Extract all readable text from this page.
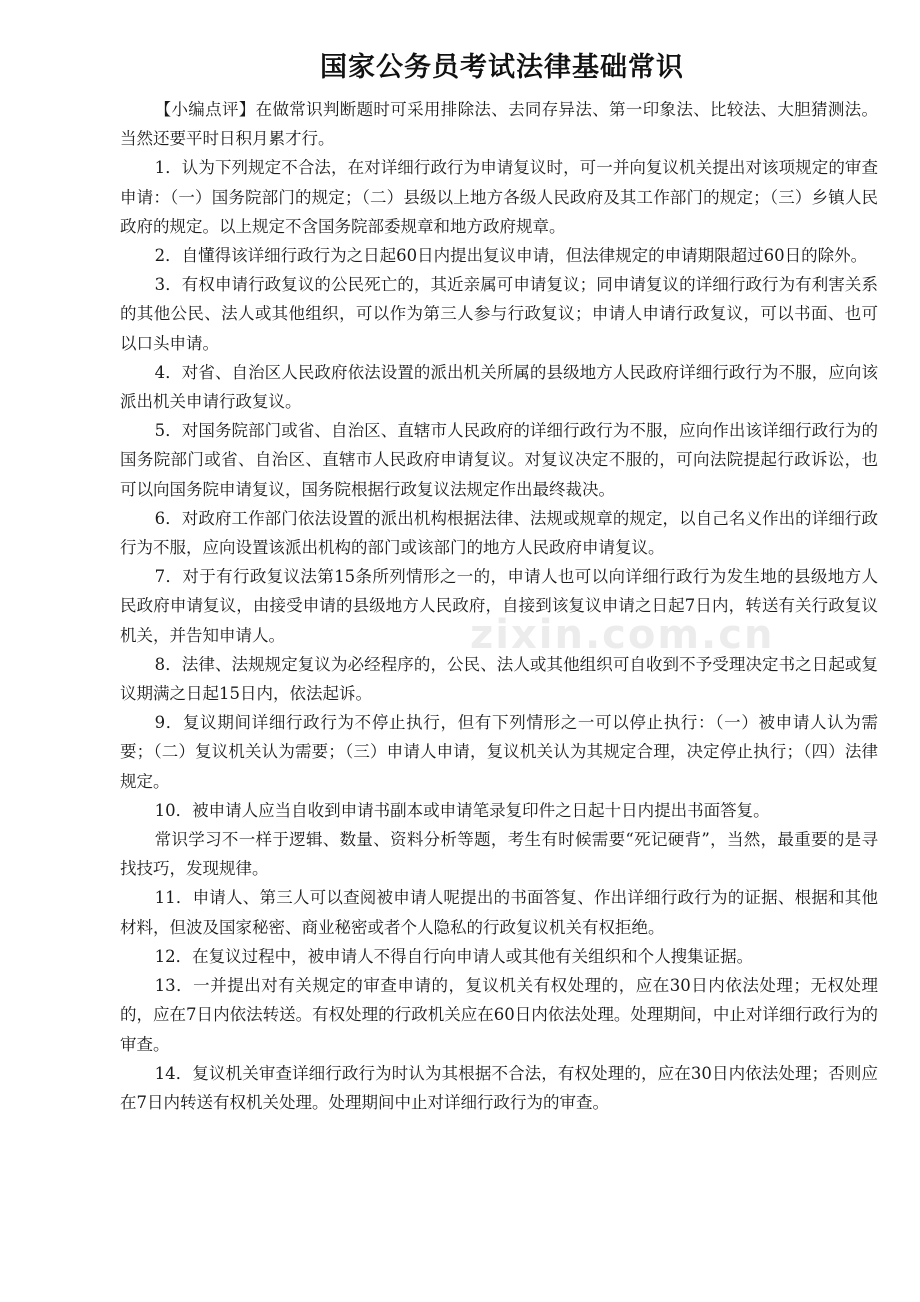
国家公务员考试法律基础常识

【小编点评】在做常识判断题时可采用排除法、去同存异法、第一印象法、比较法、大胆猜测法。当然还要平时日积月累才行。

1．认为下列规定不合法，在对详细行政行为申请复议时，可一并向复议机关提出对该项规定的审查申请：（一）国务院部门的规定；（二）县级以上地方各级人民政府及其工作部门的规定；（三）乡镇人民政府的规定。以上规定不含国务院部委规章和地方政府规章。

2．自懂得该详细行政行为之日起60日内提出复议申请，但法律规定的申请期限超过60日的除外。

3．有权申请行政复议的公民死亡的，其近亲属可申请复议；同申请复议的详细行政行为有利害关系的其他公民、法人或其他组织，可以作为第三人参与行政复议；申请人申请行政复议，可以书面、也可以口头申请。

4．对省、自治区人民政府依法设置的派出机关所属的县级地方人民政府详细行政行为不服，应向该派出机关申请行政复议。

5．对国务院部门或省、自治区、直辖市人民政府的详细行政行为不服，应向作出该详细行政行为的国务院部门或省、自治区、直辖市人民政府申请复议。对复议决定不服的，可向法院提起行政诉讼，也可以向国务院申请复议，国务院根据行政复议法规定作出最终裁决。

6．对政府工作部门依法设置的派出机构根据法律、法规或规章的规定，以自己名义作出的详细行政行为不服，应向设置该派出机构的部门或该部门的地方人民政府申请复议。

7．对于有行政复议法第15条所列情形之一的，申请人也可以向详细行政行为发生地的县级地方人民政府申请复议，由接受申请的县级地方人民政府，自接到该复议申请之日起7日内，转送有关行政复议机关，并告知申请人。

8．法律、法规规定复议为必经程序的，公民、法人或其他组织可自收到不予受理决定书之日起或复议期满之日起15日内，依法起诉。

9．复议期间详细行政行为不停止执行，但有下列情形之一可以停止执行：（一）被申请人认为需要；（二）复议机关认为需要；（三）申请人申请，复议机关认为其规定合理，决定停止执行；（四）法律规定。

10．被申请人应当自收到申请书副本或申请笔录复印件之日起十日内提出书面答复。

常识学习不一样于逻辑、数量、资料分析等题，考生有时候需要“死记硬背”，当然，最重要的是寻找技巧，发现规律。

11．申请人、第三人可以查阅被申请人呢提出的书面答复、作出详细行政行为的证据、根据和其他材料，但波及国家秘密、商业秘密或者个人隐私的行政复议机关有权拒绝。

12．在复议过程中，被申请人不得自行向申请人或其他有关组织和个人搜集证据。

13．一并提出对有关规定的审查申请的，复议机关有权处理的，应在30日内依法处理；无权处理的，应在7日内依法转送。有权处理的行政机关应在60日内依法处理。处理期间，中止对详细行政行为的审查。

14．复议机关审查详细行政行为时认为其根据不合法，有权处理的，应在30日内依法处理；否则应在7日内转送有权机关处理。处理期间中止对详细行政行为的审查。

zixin.com.cn
